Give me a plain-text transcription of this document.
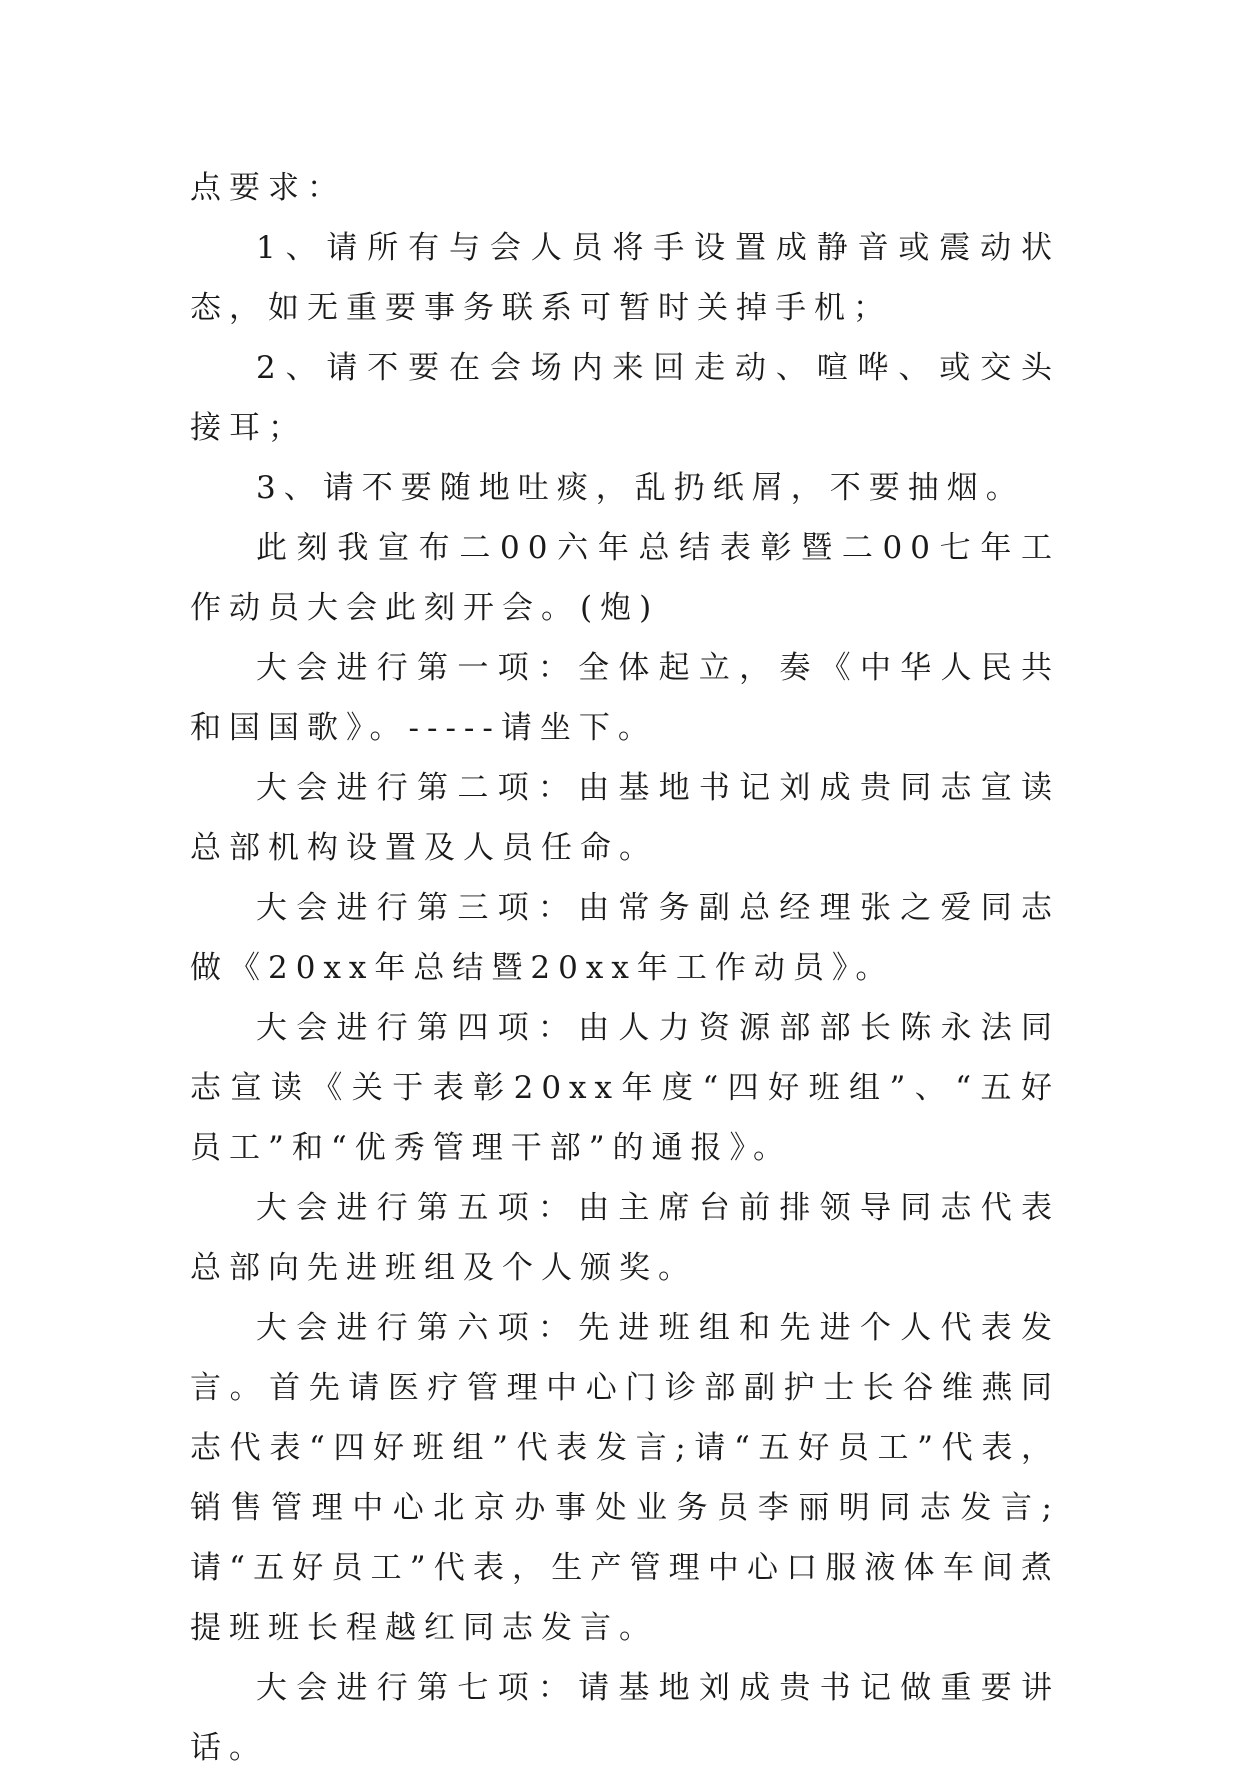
点要求：

1、请所有与会人员将手设置成静音或震动状态，如无重要事务联系可暂时关掉手机；

2、请不要在会场内来回走动、喧哗、或交头接耳；

3、请不要随地吐痰，乱扔纸屑，不要抽烟。

此刻我宣布二00六年总结表彰暨二00七年工作动员大会此刻开会。(炮)

大会进行第一项：全体起立，奏《中华人民共和国国歌》。-----请坐下。

大会进行第二项：由基地书记刘成贵同志宣读总部机构设置及人员任命。

大会进行第三项：由常务副总经理张之爱同志做《20xx年总结暨20xx年工作动员》。

大会进行第四项：由人力资源部部长陈永法同志宣读《关于表彰20xx年度“四好班组”、“五好员工”和“优秀管理干部”的通报》。

大会进行第五项：由主席台前排领导同志代表总部向先进班组及个人颁奖。

大会进行第六项：先进班组和先进个人代表发言。首先请医疗管理中心门诊部副护士长谷维燕同志代表“四好班组”代表发言;请“五好员工”代表，销售管理中心北京办事处业务员李丽明同志发言;请“五好员工”代表，生产管理中心口服液体车间煮提班班长程越红同志发言。

大会进行第七项：请基地刘成贵书记做重要讲话。
